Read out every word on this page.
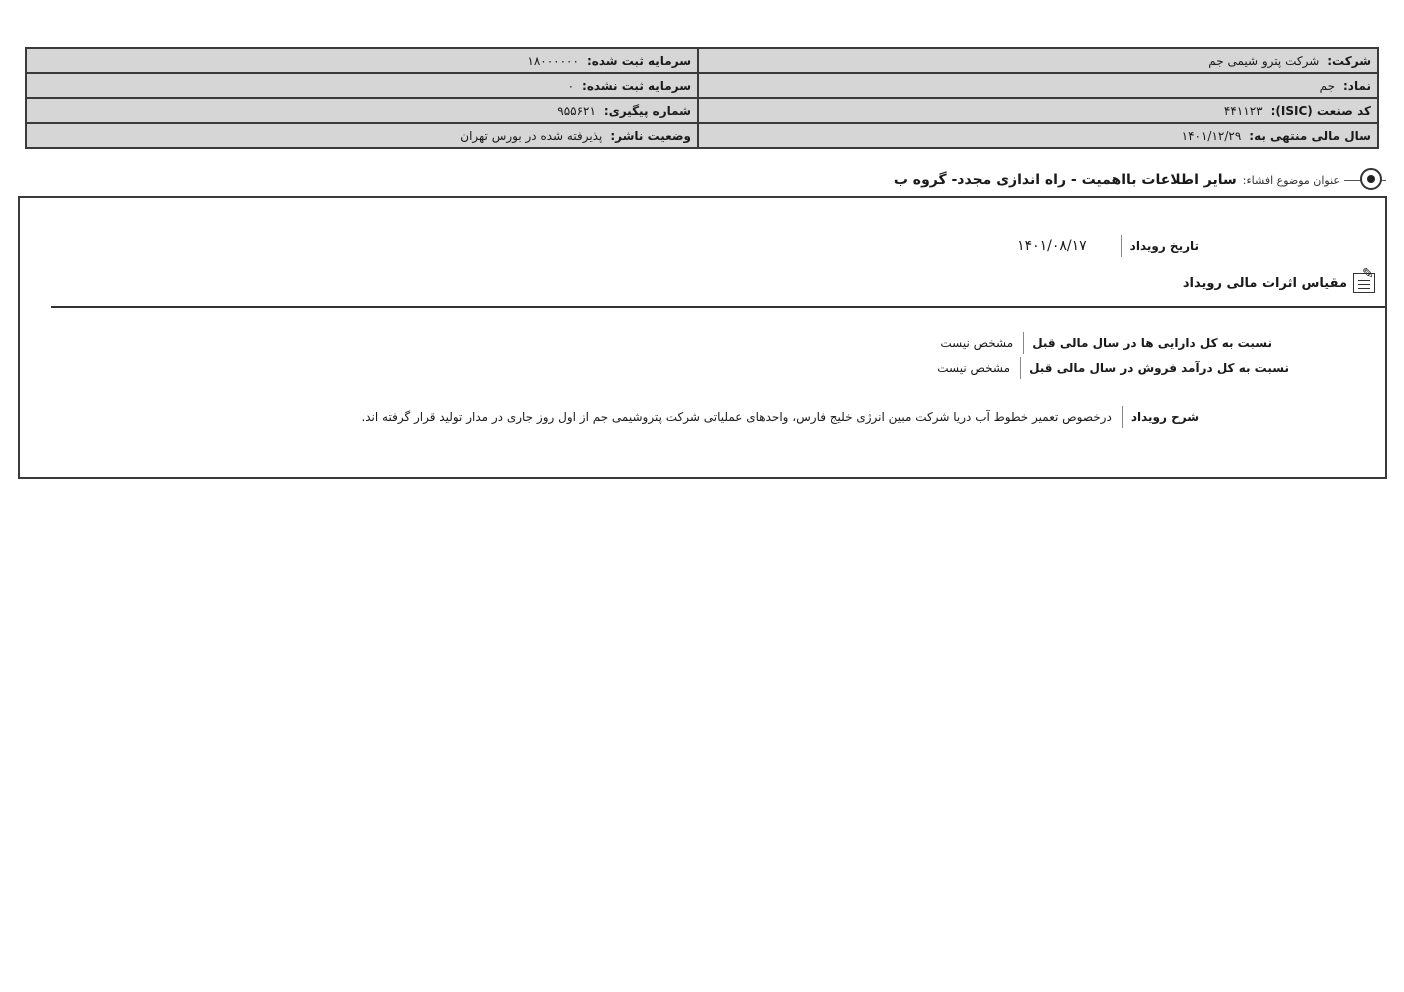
شرکت:شرکت پترو شیمی جم	سرمایه ثبت شده:۱۸۰۰۰۰۰۰
نماد:جم	سرمایه ثبت نشده:۰
کد صنعت (ISIC):۴۴۱۱۲۳	شماره پیگیری:۹۵۵۶۲۱
سال مالی منتهی به:۱۴۰۱/۱۲/۲۹	وضعیت ناشر:پذیرفته شده در بورس تهران
عنوان موضوع افشاء:
سایر اطلاعات بااهمیت - راه اندازی مجدد- گروه ب
تاریخ رویداد
۱۴۰۱/۰۸/۱۷
✎
مقیاس اثرات مالی رویداد
نسبت به کل دارایی ها در سال مالی قبل
مشخص نیست
نسبت به کل درآمد فروش در سال مالی قبل
مشخص نیست
شرح رویداد
درخصوص تعمیر خطوط آب دریا شرکت مبین انرژی خلیج فارس، واحدهای عملیاتی شرکت پتروشیمی جم از اول روز جاری در مدار تولید قرار گرفته اند.
